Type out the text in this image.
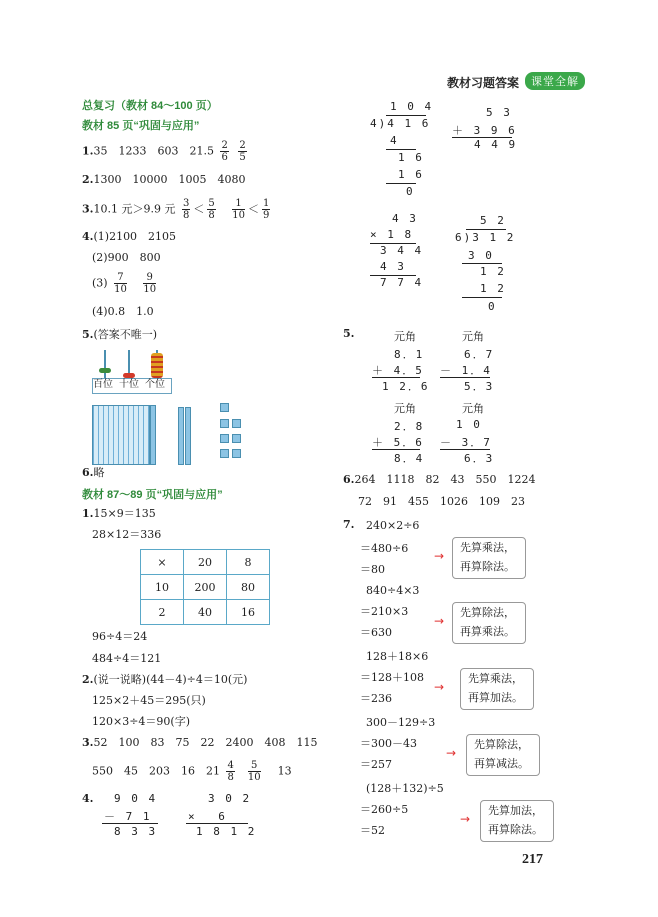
教材习题答案	课堂全解
总复习（教材 84～100 页）
教材 85 页“巩固与应用”
1.35　1233　603　$21.5 \frac{2}{6}$
$\frac{2}{5}$
2.1300　10000　1005　4080
3.10.1 元＞9.9 元 $\frac{3}{8} < \frac{5}{8}$
$\frac{1}{10} < \frac{1}{9}$
4.(1)2100　2105
(2)900　800
$(3) \frac{7}{10}$
$\frac{9}{10}$
(4)0.8　1.0
5.(答案不唯一)
百位 十位 个位
6.略
教材 87～89 页“巩固与应用”
1.15×9＝135
28×12＝336
×	20	8
10	200	80
2	40	16
96÷4＝24
484÷4＝121
2.(说一说略)(44－4)÷4＝10(元)
125×2＋45＝295(只)
120×3÷4＝90(字)
3.52　100　83　75　22　2400　408　115
550　45　203　16　$21 \frac{4}{8}$
$\frac{5}{10} 13$
4. 9 0 4
－ 7 1
8 3 3
3 0 2
×　 6
1 8 1 2
1 0 4
4)4 1 6
4
1 6
1 6
0
5 3
＋ 3 9 6
4 4 9
4 3
× 1 8
3 4 4
4 3
7 7 4
5 2
6)3 1 2
3 0
1 2
1 2
0
5.	元角
8．1
＋ 4．5
1 2．6
元角
6．7
－ 1．4
5．3
元角
2．8
＋ 5．6
8．4
元角
1 0
－ 3．7
6．3
6.264　1118　82　43　550　1224
72　91　455　1026　109　23
7. 240×2÷6
＝480÷6
＝80
→
先算乘法，
再算除法。
840÷4×3
＝210×3
＝630
→
先算除法，
再算乘法。
128＋18×6
＝128＋108
＝236
→
先算乘法，
再算加法。
300－129÷3
＝300－43
＝257
→
先算除法，
再算减法。
(128＋132)÷5
＝260÷5
＝52
→
先算加法，
再算除法。
217
